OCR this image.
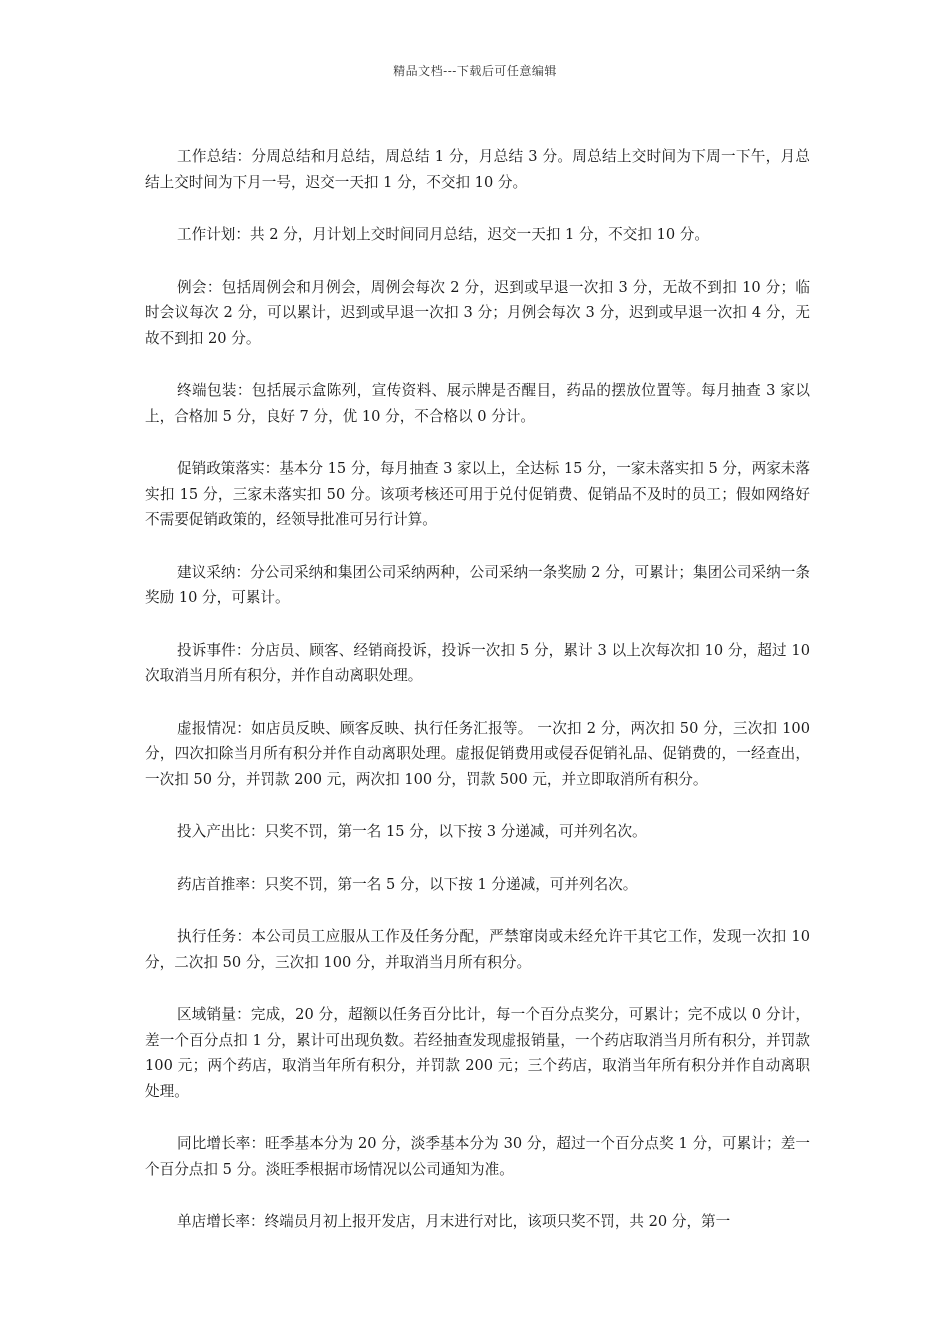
精品文档---下载后可任意编辑

工作总结：分周总结和月总结，周总结 1 分，月总结 3 分。周总结上交时间为下周一下午，月总结上交时间为下月一号，迟交一天扣 1 分，不交扣 10 分。

工作计划：共 2 分，月计划上交时间同月总结，迟交一天扣 1 分，不交扣 10 分。

例会：包括周例会和月例会，周例会每次 2 分，迟到或早退一次扣 3 分，无故不到扣 10 分；临时会议每次 2 分，可以累计，迟到或早退一次扣 3 分；月例会每次 3 分，迟到或早退一次扣 4 分，无故不到扣 20 分。

终端包装：包括展示盒陈列，宣传资料、展示牌是否醒目，药品的摆放位置等。每月抽查 3 家以上，合格加 5 分，良好 7 分，优 10 分，不合格以 0 分计。

促销政策落实：基本分 15 分，每月抽查 3 家以上，全达标 15 分，一家未落实扣 5 分，两家未落实扣 15 分，三家未落实扣 50 分。该项考核还可用于兑付促销费、促销品不及时的员工；假如网络好不需要促销政策的，经领导批准可另行计算。

建议采纳：分公司采纳和集团公司采纳两种，公司采纳一条奖励 2 分，可累计；集团公司采纳一条奖励 10 分，可累计。

投诉事件：分店员、顾客、经销商投诉，投诉一次扣 5 分，累计 3 以上次每次扣 10 分，超过 10 次取消当月所有积分，并作自动离职处理。

虚报情况：如店员反映、顾客反映、执行任务汇报等。 一次扣 2 分，两次扣 50 分，三次扣 100 分，四次扣除当月所有积分并作自动离职处理。虚报促销费用或侵吞促销礼品、促销费的，一经查出，一次扣 50 分，并罚款 200 元，两次扣 100 分，罚款 500 元，并立即取消所有积分。

投入产出比：只奖不罚，第一名 15 分，以下按 3 分递减，可并列名次。

药店首推率：只奖不罚，第一名 5 分，以下按 1 分递减，可并列名次。

执行任务：本公司员工应服从工作及任务分配，严禁窜岗或未经允许干其它工作，发现一次扣 10 分，二次扣 50 分，三次扣 100 分，并取消当月所有积分。

区域销量：完成，20 分，超额以任务百分比计，每一个百分点奖分，可累计；完不成以 0 分计，差一个百分点扣 1 分，累计可出现负数。若经抽查发现虚报销量，一个药店取消当月所有积分，并罚款 100 元；两个药店，取消当年所有积分，并罚款 200 元；三个药店，取消当年所有积分并作自动离职处理。

同比增长率：旺季基本分为 20 分，淡季基本分为 30 分，超过一个百分点奖 1 分，可累计；差一个百分点扣 5 分。淡旺季根据市场情况以公司通知为准。

单店增长率：终端员月初上报开发店，月末进行对比，该项只奖不罚，共 20 分，第一
